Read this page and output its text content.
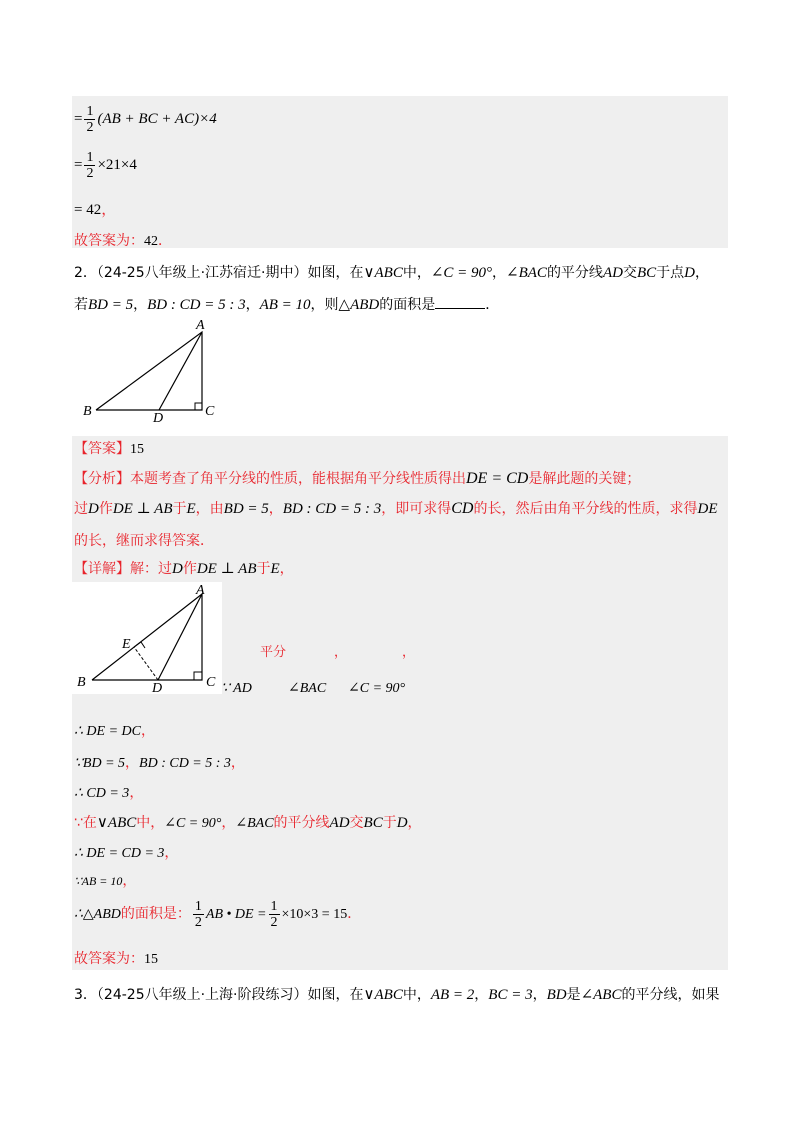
= $\frac{1}{2} (AB$ + BC + AC)×4
= $\frac{1}{2} \times 21\times 4$
= 42，
故答案为：42．
2．（24-25八年级上·江苏宿迁·期中）如图，在∨ABC中，∠C = 90°，∠BAC的平分线AD交BC于点D，
若BD = 5，BD : CD = 5 : 3，AB = 10，则△ABD的面积是	．
A
B	C
D
【答案】15
【分析】本题考查了角平分线的性质，能根据角平分线性质得出DE = CD是解此题的关键；
过D作DE ⊥ AB于E，由BD = 5，BD : CD = 5 : 3，即可求得CD的长，然后由角平分线的性质，求得DE
的长，继而求得答案．
【详解】解：过D作DE ⊥ AB于E，
A
B	C
D
E
平分	，	，
∵ AD	∠BAC ∠C = 90°
∴ DE = DC，
∵BD = 5，BD : CD = 5 : 3，
∴ CD = 3，
∵在∨ABC中，∠C = 90°，∠BAC的平分线AD交BC于D，
∴ DE = CD = 3，
∵AB = 10，
∴△ABD的面积是： $\frac{1}{2}$ AB • DE = $\frac{1}{2} \times 10\times 3 = 15$．
故答案为：15
3．（24-25八年级上·上海·阶段练习）如图，在∨ABC中，AB = 2，BC = 3，BD是∠ABC的平分线，如果
